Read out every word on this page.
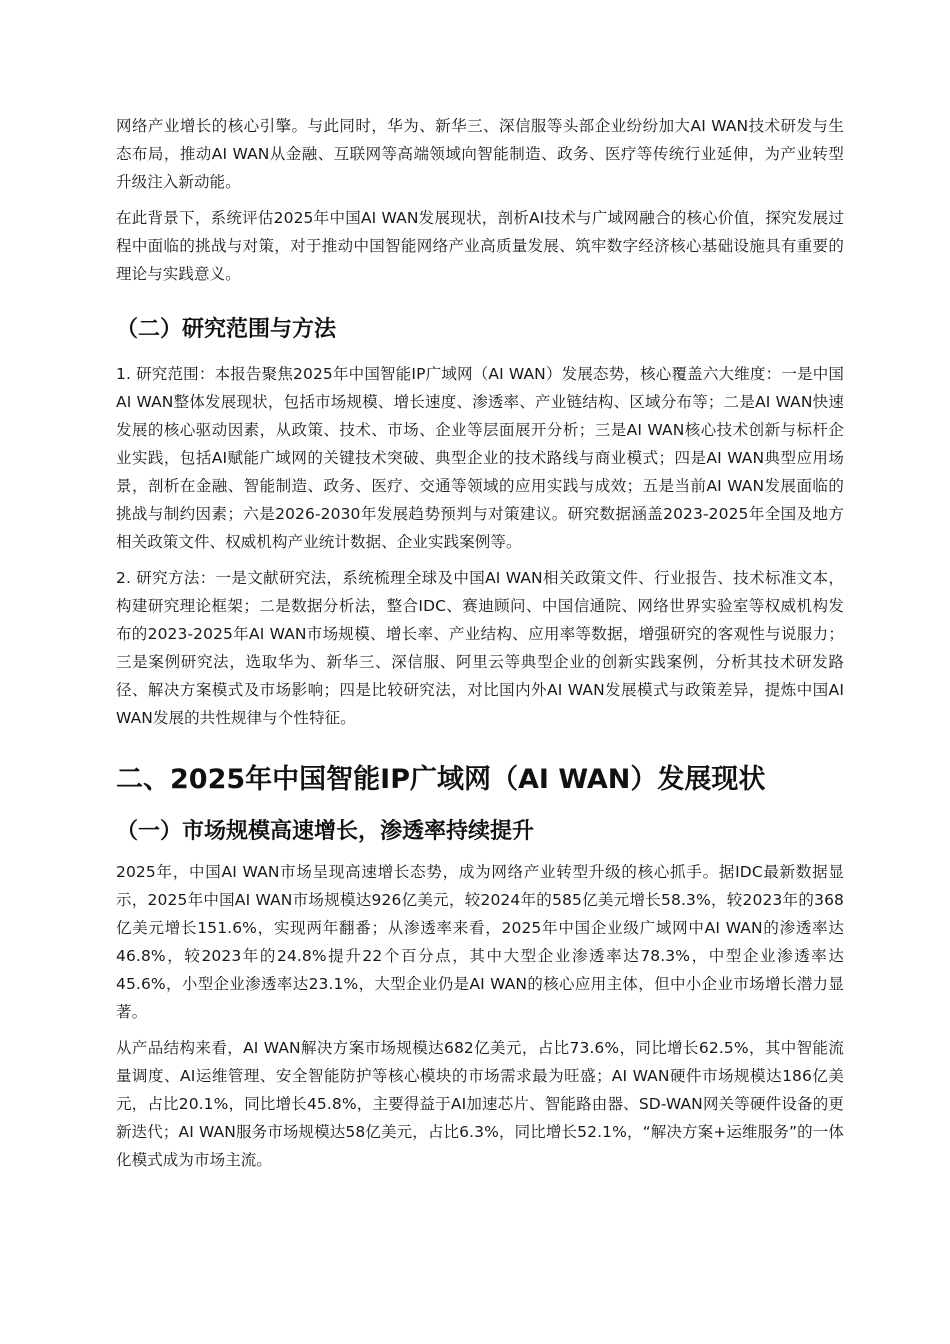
网络产业增长的核心引擎。与此同时，华为、新华三、深信服等头部企业纷纷加大AI WAN技术研发与生态布局，推动AI WAN从金融、互联网等高端领域向智能制造、政务、医疗等传统行业延伸，为产业转型升级注入新动能。

在此背景下，系统评估2025年中国AI WAN发展现状，剖析AI技术与广域网融合的核心价值，探究发展过程中面临的挑战与对策，对于推动中国智能网络产业高质量发展、筑牢数字经济核心基础设施具有重要的理论与实践意义。

（二）研究范围与方法

1. 研究范围：本报告聚焦2025年中国智能IP广域网（AI WAN）发展态势，核心覆盖六大维度：一是中国AI WAN整体发展现状，包括市场规模、增长速度、渗透率、产业链结构、区域分布等；二是AI WAN快速发展的核心驱动因素，从政策、技术、市场、企业等层面展开分析；三是AI WAN核心技术创新与标杆企业实践，包括AI赋能广域网的关键技术突破、典型企业的技术路线与商业模式；四是AI WAN典型应用场景，剖析在金融、智能制造、政务、医疗、交通等领域的应用实践与成效；五是当前AI WAN发展面临的挑战与制约因素；六是2026-2030年发展趋势预判与对策建议。研究数据涵盖2023-2025年全国及地方相关政策文件、权威机构产业统计数据、企业实践案例等。

2. 研究方法：一是文献研究法，系统梳理全球及中国AI WAN相关政策文件、行业报告、技术标准文本，构建研究理论框架；二是数据分析法，整合IDC、赛迪顾问、中国信通院、网络世界实验室等权威机构发布的2023-2025年AI WAN市场规模、增长率、产业结构、应用率等数据，增强研究的客观性与说服力；三是案例研究法，选取华为、新华三、深信服、阿里云等典型企业的创新实践案例，分析其技术研发路径、解决方案模式及市场影响；四是比较研究法，对比国内外AI WAN发展模式与政策差异，提炼中国AI WAN发展的共性规律与个性特征。

二、2025年中国智能IP广域网（AI WAN）发展现状
（一）市场规模高速增长，渗透率持续提升

2025年，中国AI WAN市场呈现高速增长态势，成为网络产业转型升级的核心抓手。据IDC最新数据显示，2025年中国AI WAN市场规模达926亿美元，较2024年的585亿美元增长58.3%，较2023年的368亿美元增长151.6%，实现两年翻番；从渗透率来看，2025年中国企业级广域网中AI WAN的渗透率达46.8%，较2023年的24.8%提升22个百分点，其中大型企业渗透率达78.3%，中型企业渗透率达45.6%，小型企业渗透率达23.1%，大型企业仍是AI WAN的核心应用主体，但中小企业市场增长潜力显著。

从产品结构来看，AI WAN解决方案市场规模达682亿美元，占比73.6%，同比增长62.5%，其中智能流量调度、AI运维管理、安全智能防护等核心模块的市场需求最为旺盛；AI WAN硬件市场规模达186亿美元，占比20.1%，同比增长45.8%，主要得益于AI加速芯片、智能路由器、SD-WAN网关等硬件设备的更新迭代；AI WAN服务市场规模达58亿美元，占比6.3%，同比增长52.1%，“解决方案+运维服务”的一体化模式成为市场主流。
